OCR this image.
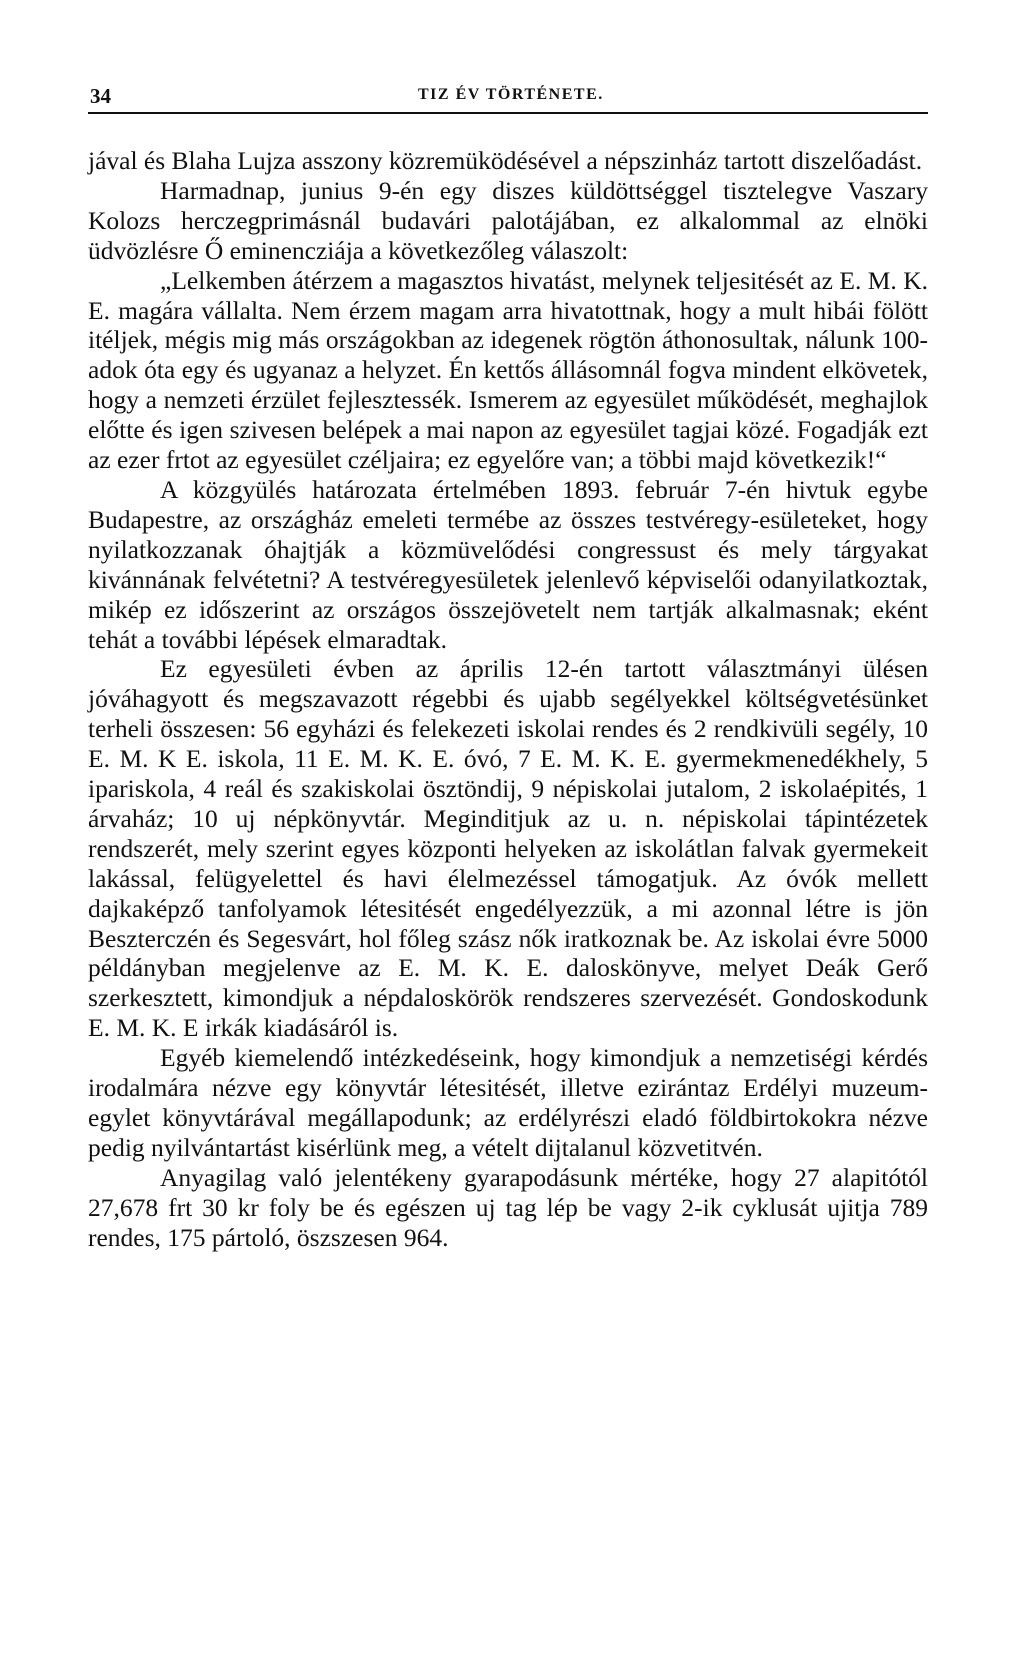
34	TIZ ÉV TÖRTÉNETE.

jával és Blaha Lujza asszony közremüködésével a népszinház tartott diszelőadást.

Harmadnap, junius 9-én egy diszes küldöttséggel tisztelegve Vaszary Kolozs herczegprimásnál budavári palotájában, ez alkalommal az elnöki üdvözlésre Ő eminencziája a következőleg válaszolt:

„Lelkemben átérzem a magasztos hivatást, melynek teljesitését az E. M. K. E. magára vállalta. Nem érzem magam arra hivatottnak, hogy a mult hibái fölött itéljek, mégis mig más országokban az idegenek rögtön áthonosultak, nálunk 100-adok óta egy és ugyanaz a helyzet. Én kettős állásomnál fogva mindent elkövetek, hogy a nemzeti érzület fejlesztessék. Ismerem az egyesület működését, meghajlok előtte és igen szivesen belépek a mai napon az egyesület tagjai közé. Fogadják ezt az ezer frtot az egyesület czéljaira; ez egyelőre van; a többi majd következik!“

A közgyülés határozata értelmében 1893. február 7-én hivtuk egybe Budapestre, az országház emeleti termébe az összes testvéregy-esületeket, hogy nyilatkozzanak óhajtják a közmüvelődési congressust és mely tárgyakat kivánnának felvétetni? A testvéregyesületek jelenlevő képviselői odanyilatkoztak, mikép ez időszerint az országos összejövetelt nem tartják alkalmasnak; eként tehát a további lépések elmaradtak.

Ez egyesületi évben az április 12-én tartott választmányi ülésen jóváhagyott és megszavazott régebbi és ujabb segélyekkel költségvetésünket terheli összesen: 56 egyházi és felekezeti iskolai rendes és 2 rendkivüli segély, 10 E. M. K E. iskola, 11 E. M. K. E. óvó, 7 E. M. K. E. gyermekmenedékhely, 5 ipariskola, 4 reál és szakiskolai ösztöndij, 9 népiskolai jutalom, 2 iskolaépités, 1 árvaház; 10 uj népkönyvtár. Meginditjuk az u. n. népiskolai tápintézetek rendszerét, mely szerint egyes központi helyeken az iskolátlan falvak gyermekeit lakással, felügyelettel és havi élelmezéssel támogatjuk. Az óvók mellett dajkaképző tanfolyamok létesitését engedélyezzük, a mi azonnal létre is jön Beszterczén és Segesvárt, hol főleg szász nők iratkoznak be. Az iskolai évre 5000 példányban megjelenve az E. M. K. E. daloskönyve, melyet Deák Gerő szerkesztett, kimondjuk a népdaloskörök rendszeres szervezését. Gondoskodunk E. M. K. E irkák kiadásáról is.

Egyéb kiemelendő intézkedéseink, hogy kimondjuk a nemzetiségi kérdés irodalmára nézve egy könyvtár létesitését, illetve ezirántaz Erdélyi muzeum-egylet könyvtárával megállapodunk; az erdélyrészi eladó földbirtokokra nézve pedig nyilvántartást kisérlünk meg, a vételt dijtalanul közvetitvén.

Anyagilag való jelentékeny gyarapodásunk mértéke, hogy 27 alapitótól 27,678 frt 30 kr foly be és egészen uj tag lép be vagy 2-ik cyklusát ujitja 789 rendes, 175 pártoló, öszszesen 964.
